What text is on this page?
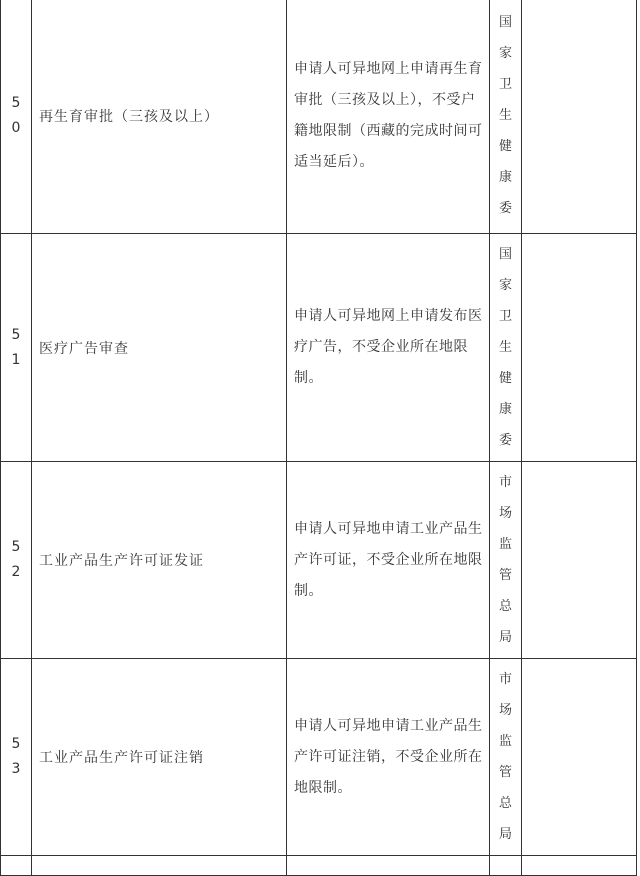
50	再生育审批（三孩及以上）	申请人可异地网上申请再生育审批（三孩及以上），不受户籍地限制（西藏的完成时间可适当延后）。	国家卫生健康委	

51	医疗广告审查	申请人可异地网上申请发布医疗广告，不受企业所在地限制。	国家卫生健康委	

52	工业产品生产许可证发证	申请人可异地申请工业产品生产许可证，不受企业所在地限制。	市场监管总局	

53	工业产品生产许可证注销	申请人可异地申请工业产品生产许可证注销，不受企业所在地限制。	市场监管总局	
